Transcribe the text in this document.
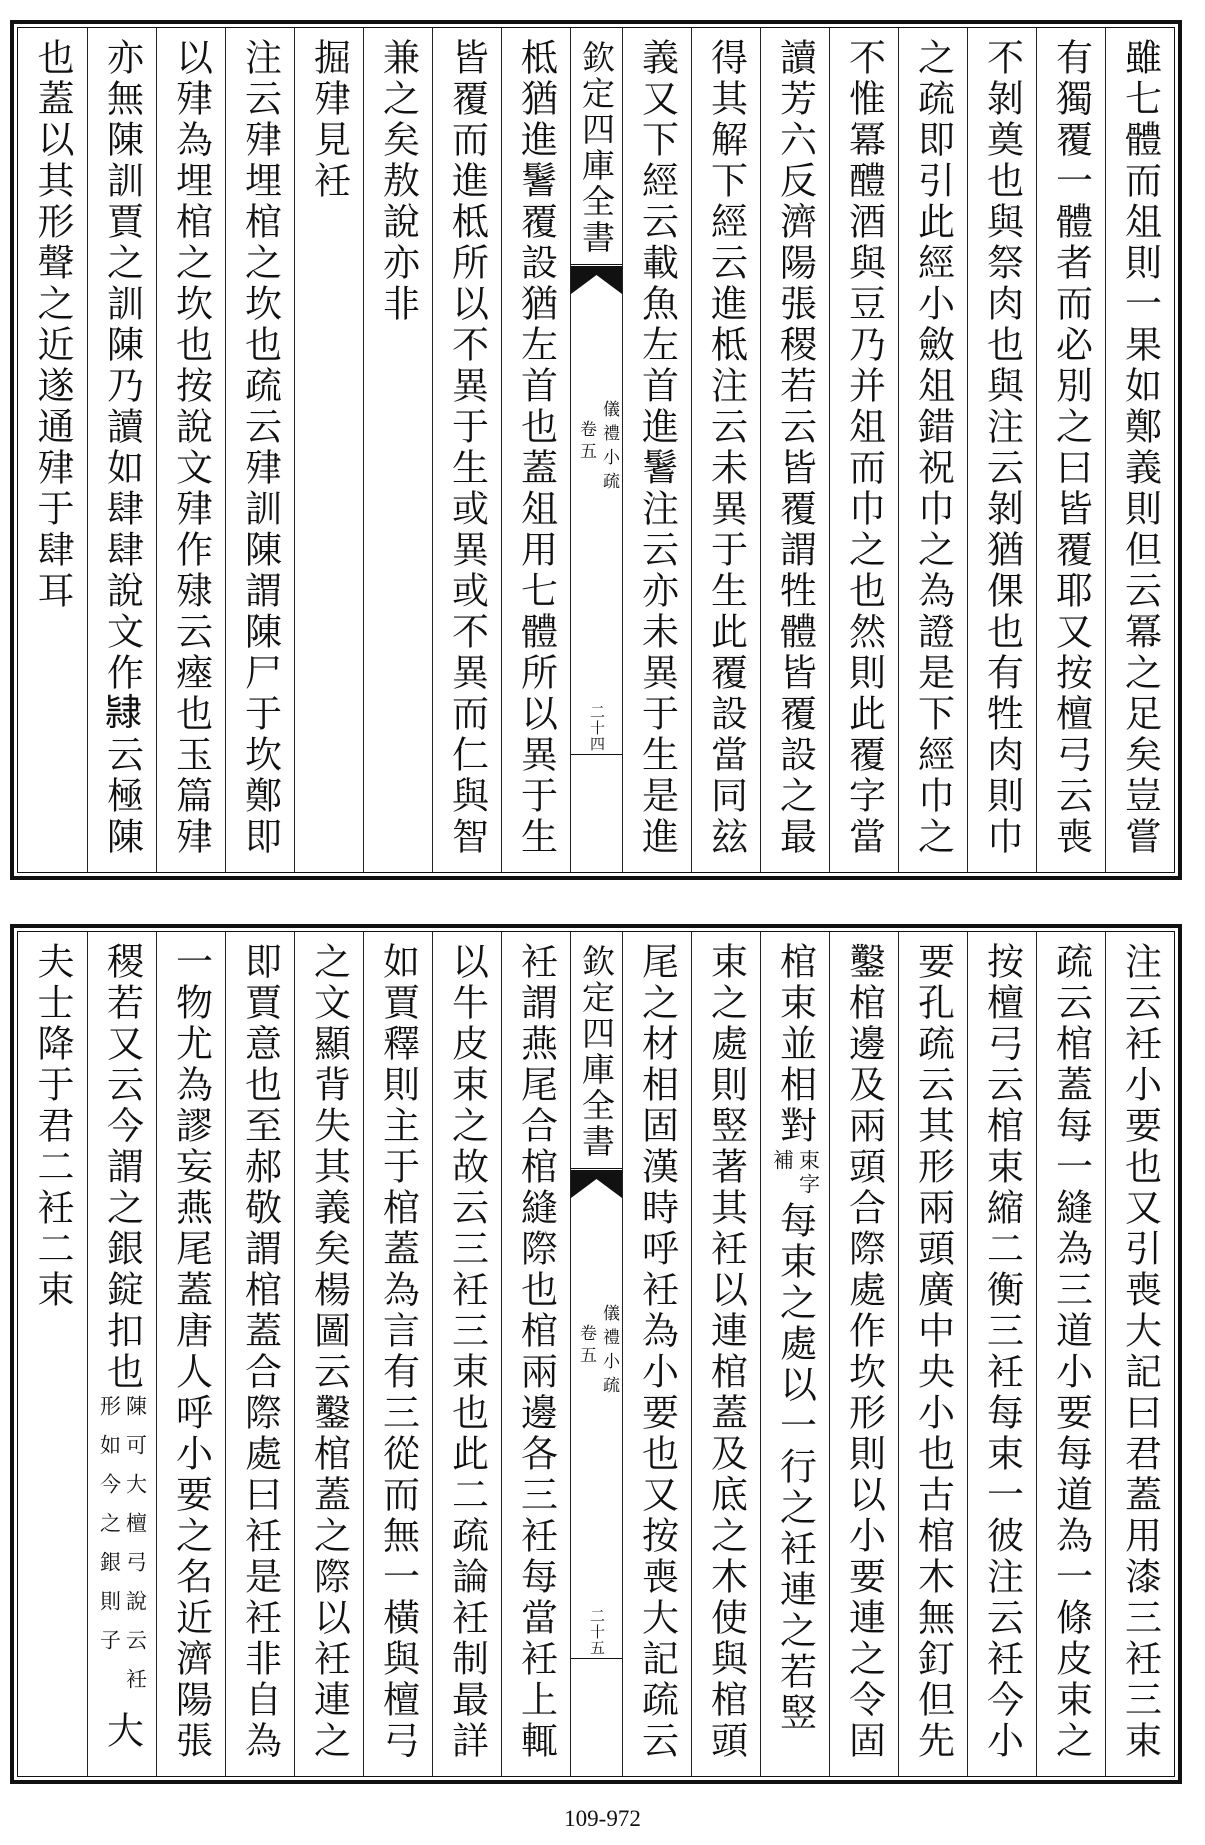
雖七體而俎則一果如鄭義則但云冪之足矣豈嘗
有獨覆一體者而必別之曰皆覆耶又按檀弓云喪
不剝奠也與祭肉也與注云剝猶倮也有牲肉則巾
之疏即引此經小斂俎錯祝巾之為證是下經巾之
不惟冪醴酒與豆乃并俎而巾之也然則此覆字當
讀芳六反濟陽張稷若云皆覆謂牲體皆覆設之最
得其解下經云進柢注云未異于生此覆設當同玆
義又下經云載魚左首進鬐注云亦未異于生是進
欽定四庫全書
儀禮小疏
卷五
二十四
柢猶進鬐覆設猶左首也蓋俎用七體所以異于生
皆覆而進柢所以不異于生或異或不異而仁與智
兼之矣敖說亦非
掘肂見衽
注云肂埋棺之坎也疏云肂訓陳謂陳尸于坎鄭即
以肂為埋棺之坎也按說文肂作殔云瘞也玉篇肂
亦無陳訓賈之訓陳乃讀如肆肆說文作𨽻云極陳
也蓋以其形聲之近遂通肂于肆耳
注云衽小要也又引喪大記曰君蓋用漆三衽三束
疏云棺蓋每一縫為三道小要每道為一條皮束之
按檀弓云棺束縮二衡三衽每束一彼注云衽今小
要孔疏云其形兩頭廣中央小也古棺木無釘但先
鑿棺邊及兩頭合際處作坎形則以小要連之令固
棺束並相對
束字
補
每束之處以一行之衽連之若竪
束之處則竪著其衽以連棺蓋及底之木使與棺頭
尾之材相固漢時呼衽為小要也又按喪大記疏云
欽定四庫全書
儀禮小疏
卷五
二十五
衽謂燕尾合棺縫際也棺兩邊各三衽每當衽上輒
以牛皮束之故云三衽三束也此二疏論衽制最詳
如賈釋則主于棺蓋為言有三從而無一橫與檀弓
之文顯背失其義矣楊圖云鑿棺蓋之際以衽連之
即賈意也至郝敬謂棺蓋合際處曰衽是衽非自為
一物尤為謬妄燕尾蓋唐人呼小要之名近濟陽張
稷若又云今謂之銀錠扣也
陳可大檀弓說云衽
形如今之銀則子
大
夫士降于君二衽二束
109-972
